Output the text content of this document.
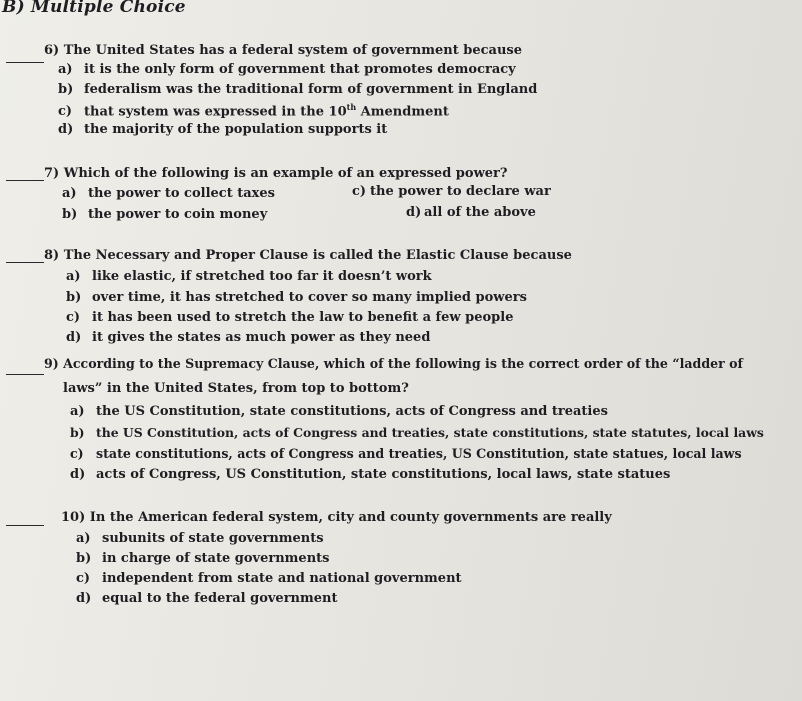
B) Multiple Choice
6) The United States has a federal system of government because
a) it is the only form of government that promotes democracy
b) federalism was the traditional form of government in England
c) that system was expressed in the 10th Amendment
d) the majority of the population supports it
7) Which of the following is an example of an expressed power?
a) the power to collect taxes
b) the power to coin money
c) the power to declare war
d) all of the above
8) The Necessary and Proper Clause is called the Elastic Clause because
a) like elastic, if stretched too far it doesn’t work
b) over time, it has stretched to cover so many implied powers
c) it has been used to stretch the law to benefit a few people
d) it gives the states as much power as they need
9) According to the Supremacy Clause, which of the following is the correct order of the “ladder of
laws” in the United States, from top to bottom?
a) the US Constitution, state constitutions, acts of Congress and treaties
b) the US Constitution, acts of Congress and treaties, state constitutions, state statutes, local laws
c) state constitutions, acts of Congress and treaties, US Constitution, state statues, local laws
d) acts of Congress, US Constitution, state constitutions, local laws, state statues
10) In the American federal system, city and county governments are really
a) subunits of state governments
b) in charge of state governments
c) independent from state and national government
d) equal to the federal government
